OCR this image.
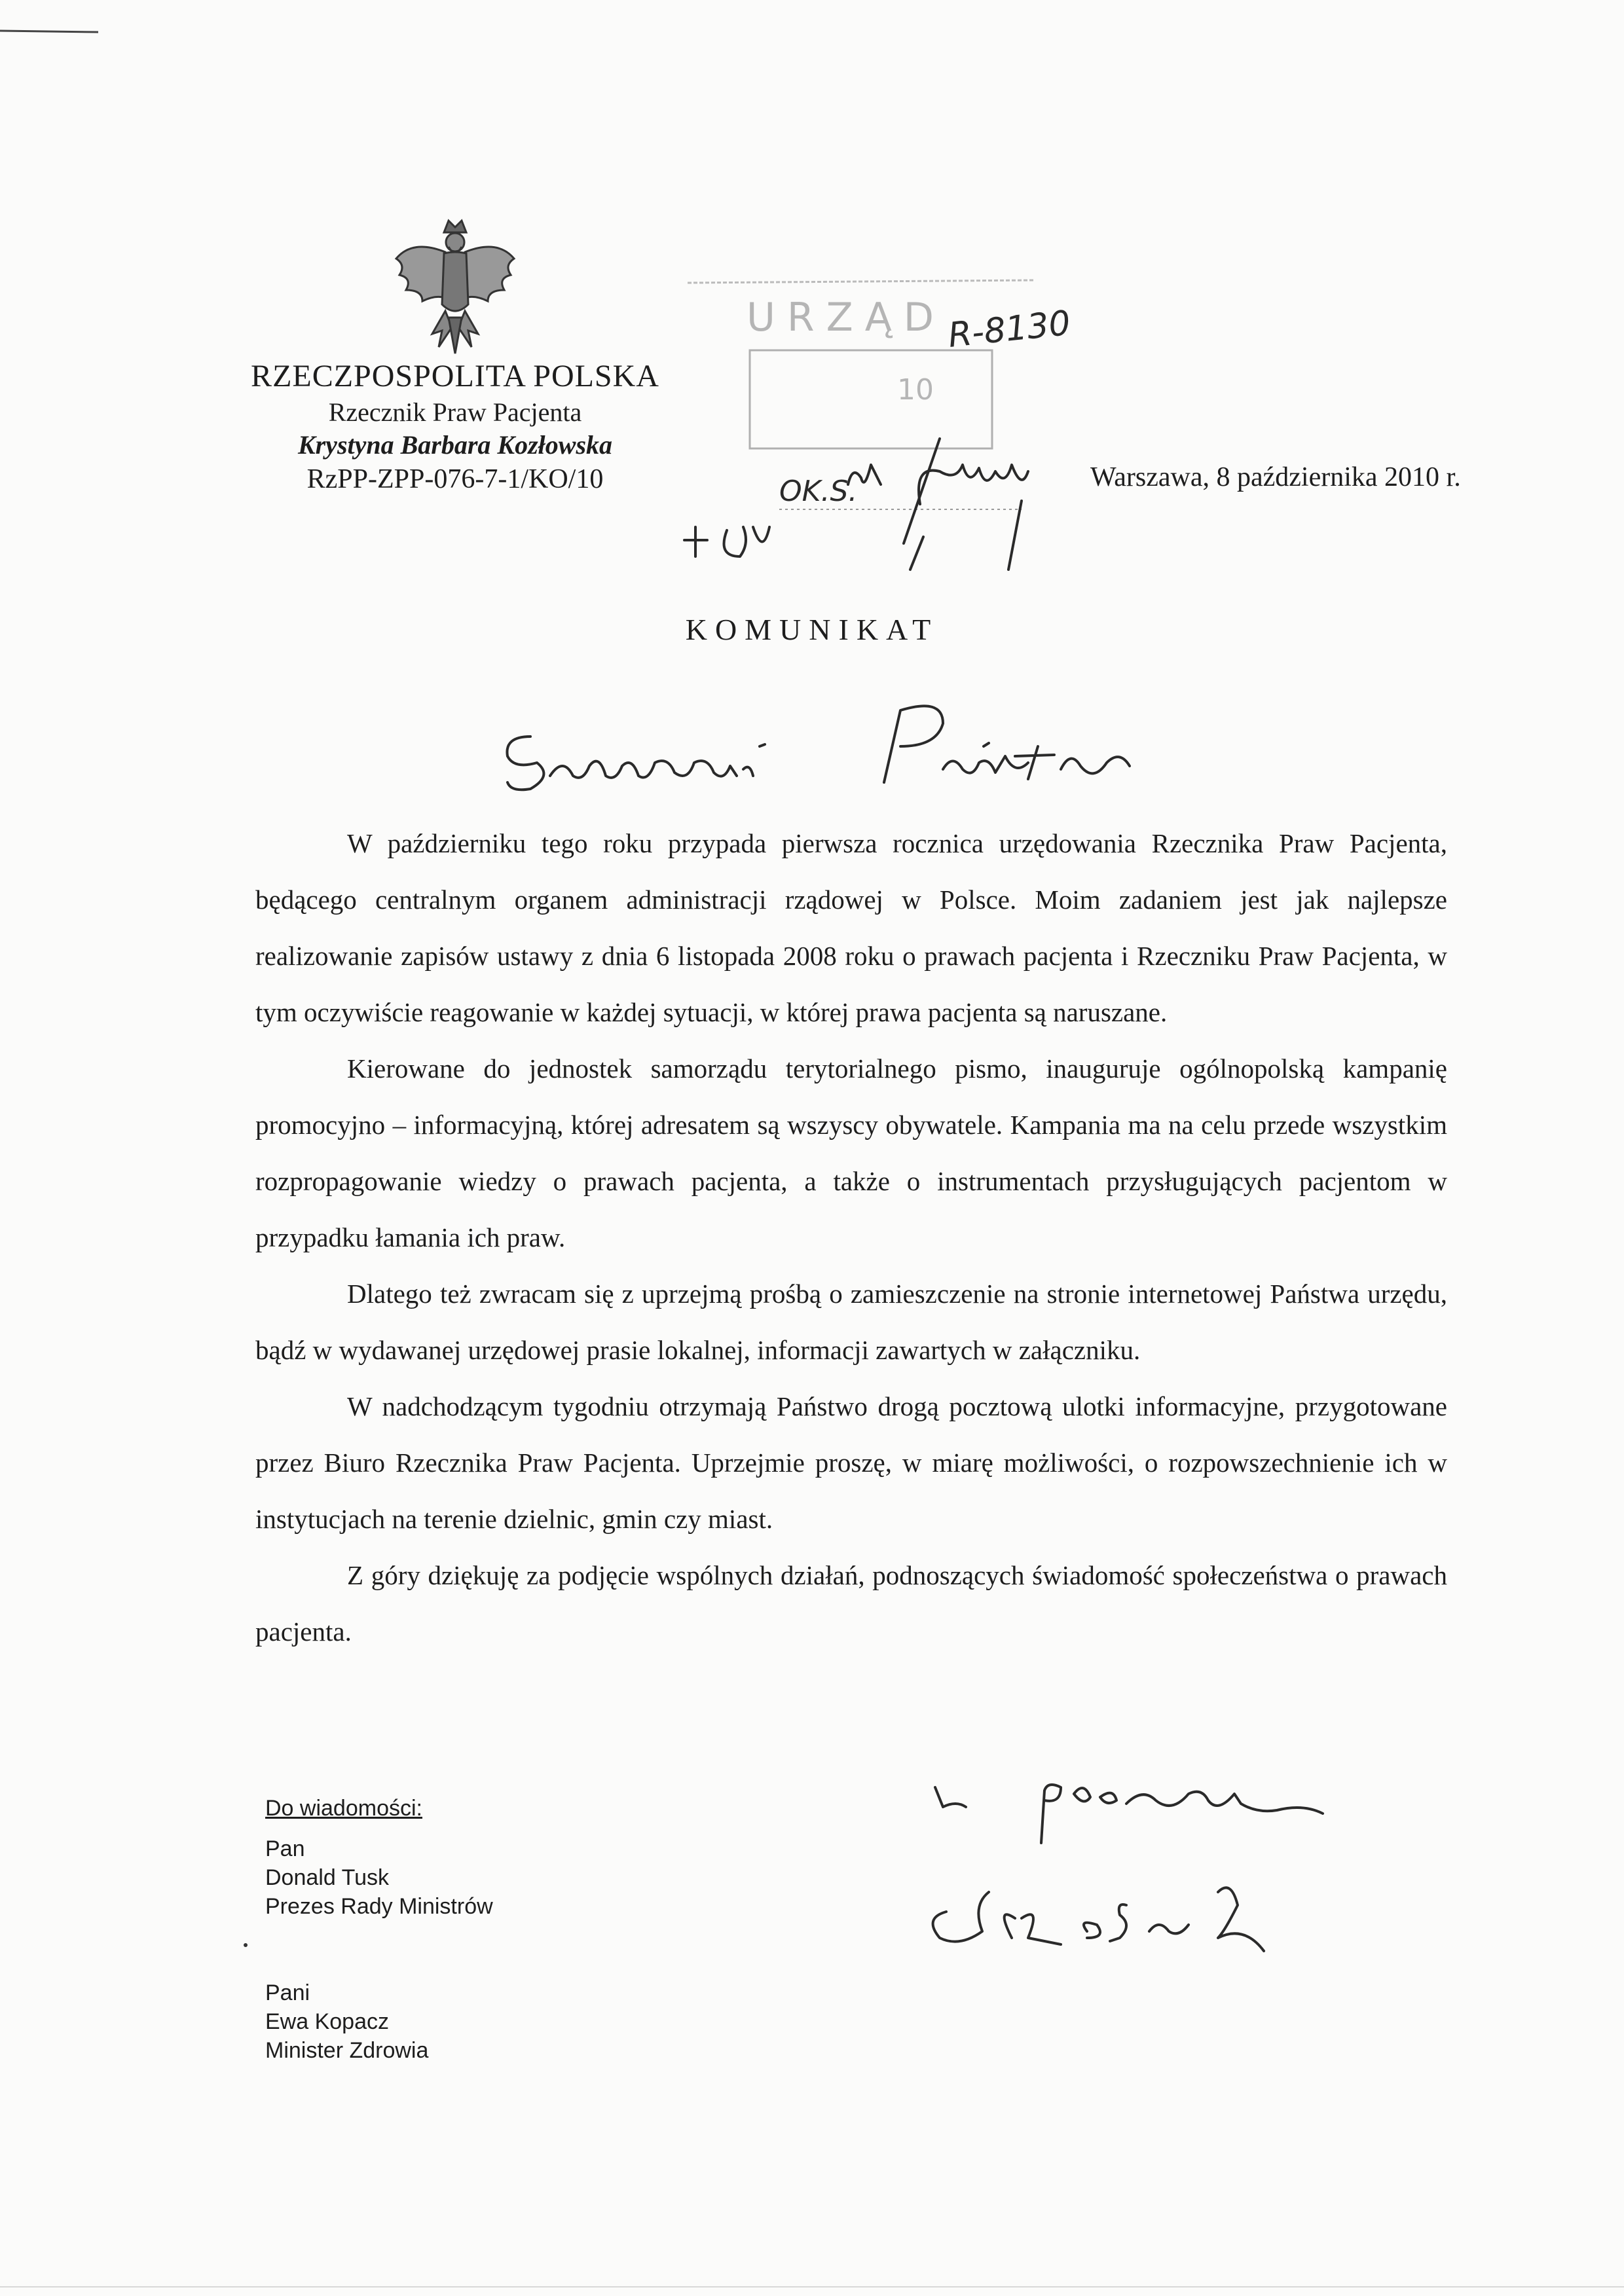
RZECZPOSPOLITA POLSKA
Rzecznik Praw Pacjenta
Krystyna Barbara Kozłowska
RzPP-ZPP-076-7-1/KO/10
URZĄD
10
R-8130
OK.S.	Warszawa, 8 października 2010 r.
KOMUNIKAT

W październiku tego roku przypada pierwsza rocznica urzędowania Rzecznika Praw Pacjenta, będącego centralnym organem administracji rządowej w Polsce. Moim zadaniem jest jak najlepsze realizowanie zapisów ustawy z dnia 6 listopada 2008 roku o prawach pacjenta i Rzeczniku Praw Pacjenta, w tym oczywiście reagowanie w każdej sytuacji, w której prawa pacjenta są naruszane.

Kierowane do jednostek samorządu terytorialnego pismo, inauguruje ogólnopolską kampanię promocyjno – informacyjną, której adresatem są wszyscy obywatele. Kampania ma na celu przede wszystkim rozpropagowanie wiedzy o prawach pacjenta, a także o instrumentach przysługujących pacjentom w przypadku łamania ich praw.

Dlatego też zwracam się z uprzejmą prośbą o zamieszczenie na stronie internetowej Państwa urzędu, bądź w wydawanej urzędowej prasie lokalnej, informacji zawartych w załączniku.

W nadchodzącym tygodniu otrzymają Państwo drogą pocztową ulotki informacyjne, przygotowane przez Biuro Rzecznika Praw Pacjenta. Uprzejmie proszę, w miarę możliwości, o rozpowszechnienie ich w instytucjach na terenie dzielnic, gmin czy miast.

Z góry dziękuję za podjęcie wspólnych działań, podnoszących świadomość społeczeństwa o prawach pacjenta.

Do wiadomości:
Pan
Donald Tusk
Prezes Rady Ministrów
Pani
Ewa Kopacz
Minister Zdrowia
